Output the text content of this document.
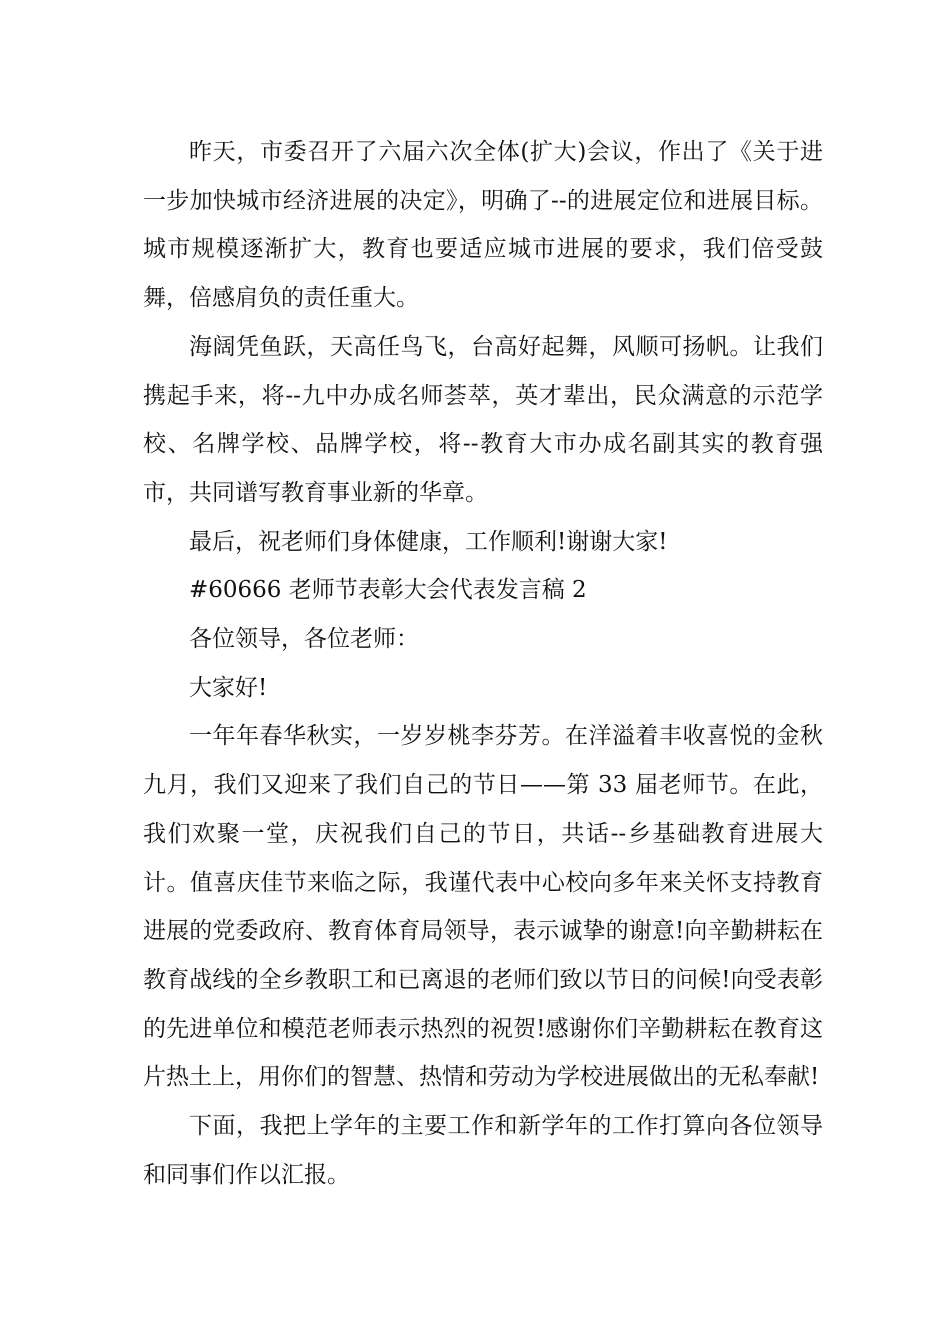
昨天，市委召开了六届六次全体(扩大)会议，作出了《关于进一步加快城市经济进展的决定》，明确了--的进展定位和进展目标。城市规模逐渐扩大，教育也要适应城市进展的要求，我们倍受鼓舞，倍感肩负的责任重大。

海阔凭鱼跃，天高任鸟飞，台高好起舞，风顺可扬帆。让我们携起手来，将--九中办成名师荟萃，英才辈出，民众满意的示范学校、名牌学校、品牌学校，将--教育大市办成名副其实的教育强市，共同谱写教育事业新的华章。

最后，祝老师们身体健康，工作顺利!谢谢大家!

#60666 老师节表彰大会代表发言稿 2

各位领导，各位老师：

大家好!

一年年春华秋实，一岁岁桃李芬芳。在洋溢着丰收喜悦的金秋九月，我们又迎来了我们自己的节日——第 33 届老师节。在此，我们欢聚一堂，庆祝我们自己的节日，共话--乡基础教育进展大计。值喜庆佳节来临之际，我谨代表中心校向多年来关怀支持教育进展的党委政府、教育体育局领导，表示诚挚的谢意!向辛勤耕耘在教育战线的全乡教职工和已离退的老师们致以节日的问候!向受表彰的先进单位和模范老师表示热烈的祝贺!感谢你们辛勤耕耘在教育这片热土上，用你们的智慧、热情和劳动为学校进展做出的无私奉献!

下面，我把上学年的主要工作和新学年的工作打算向各位领导和同事们作以汇报。
